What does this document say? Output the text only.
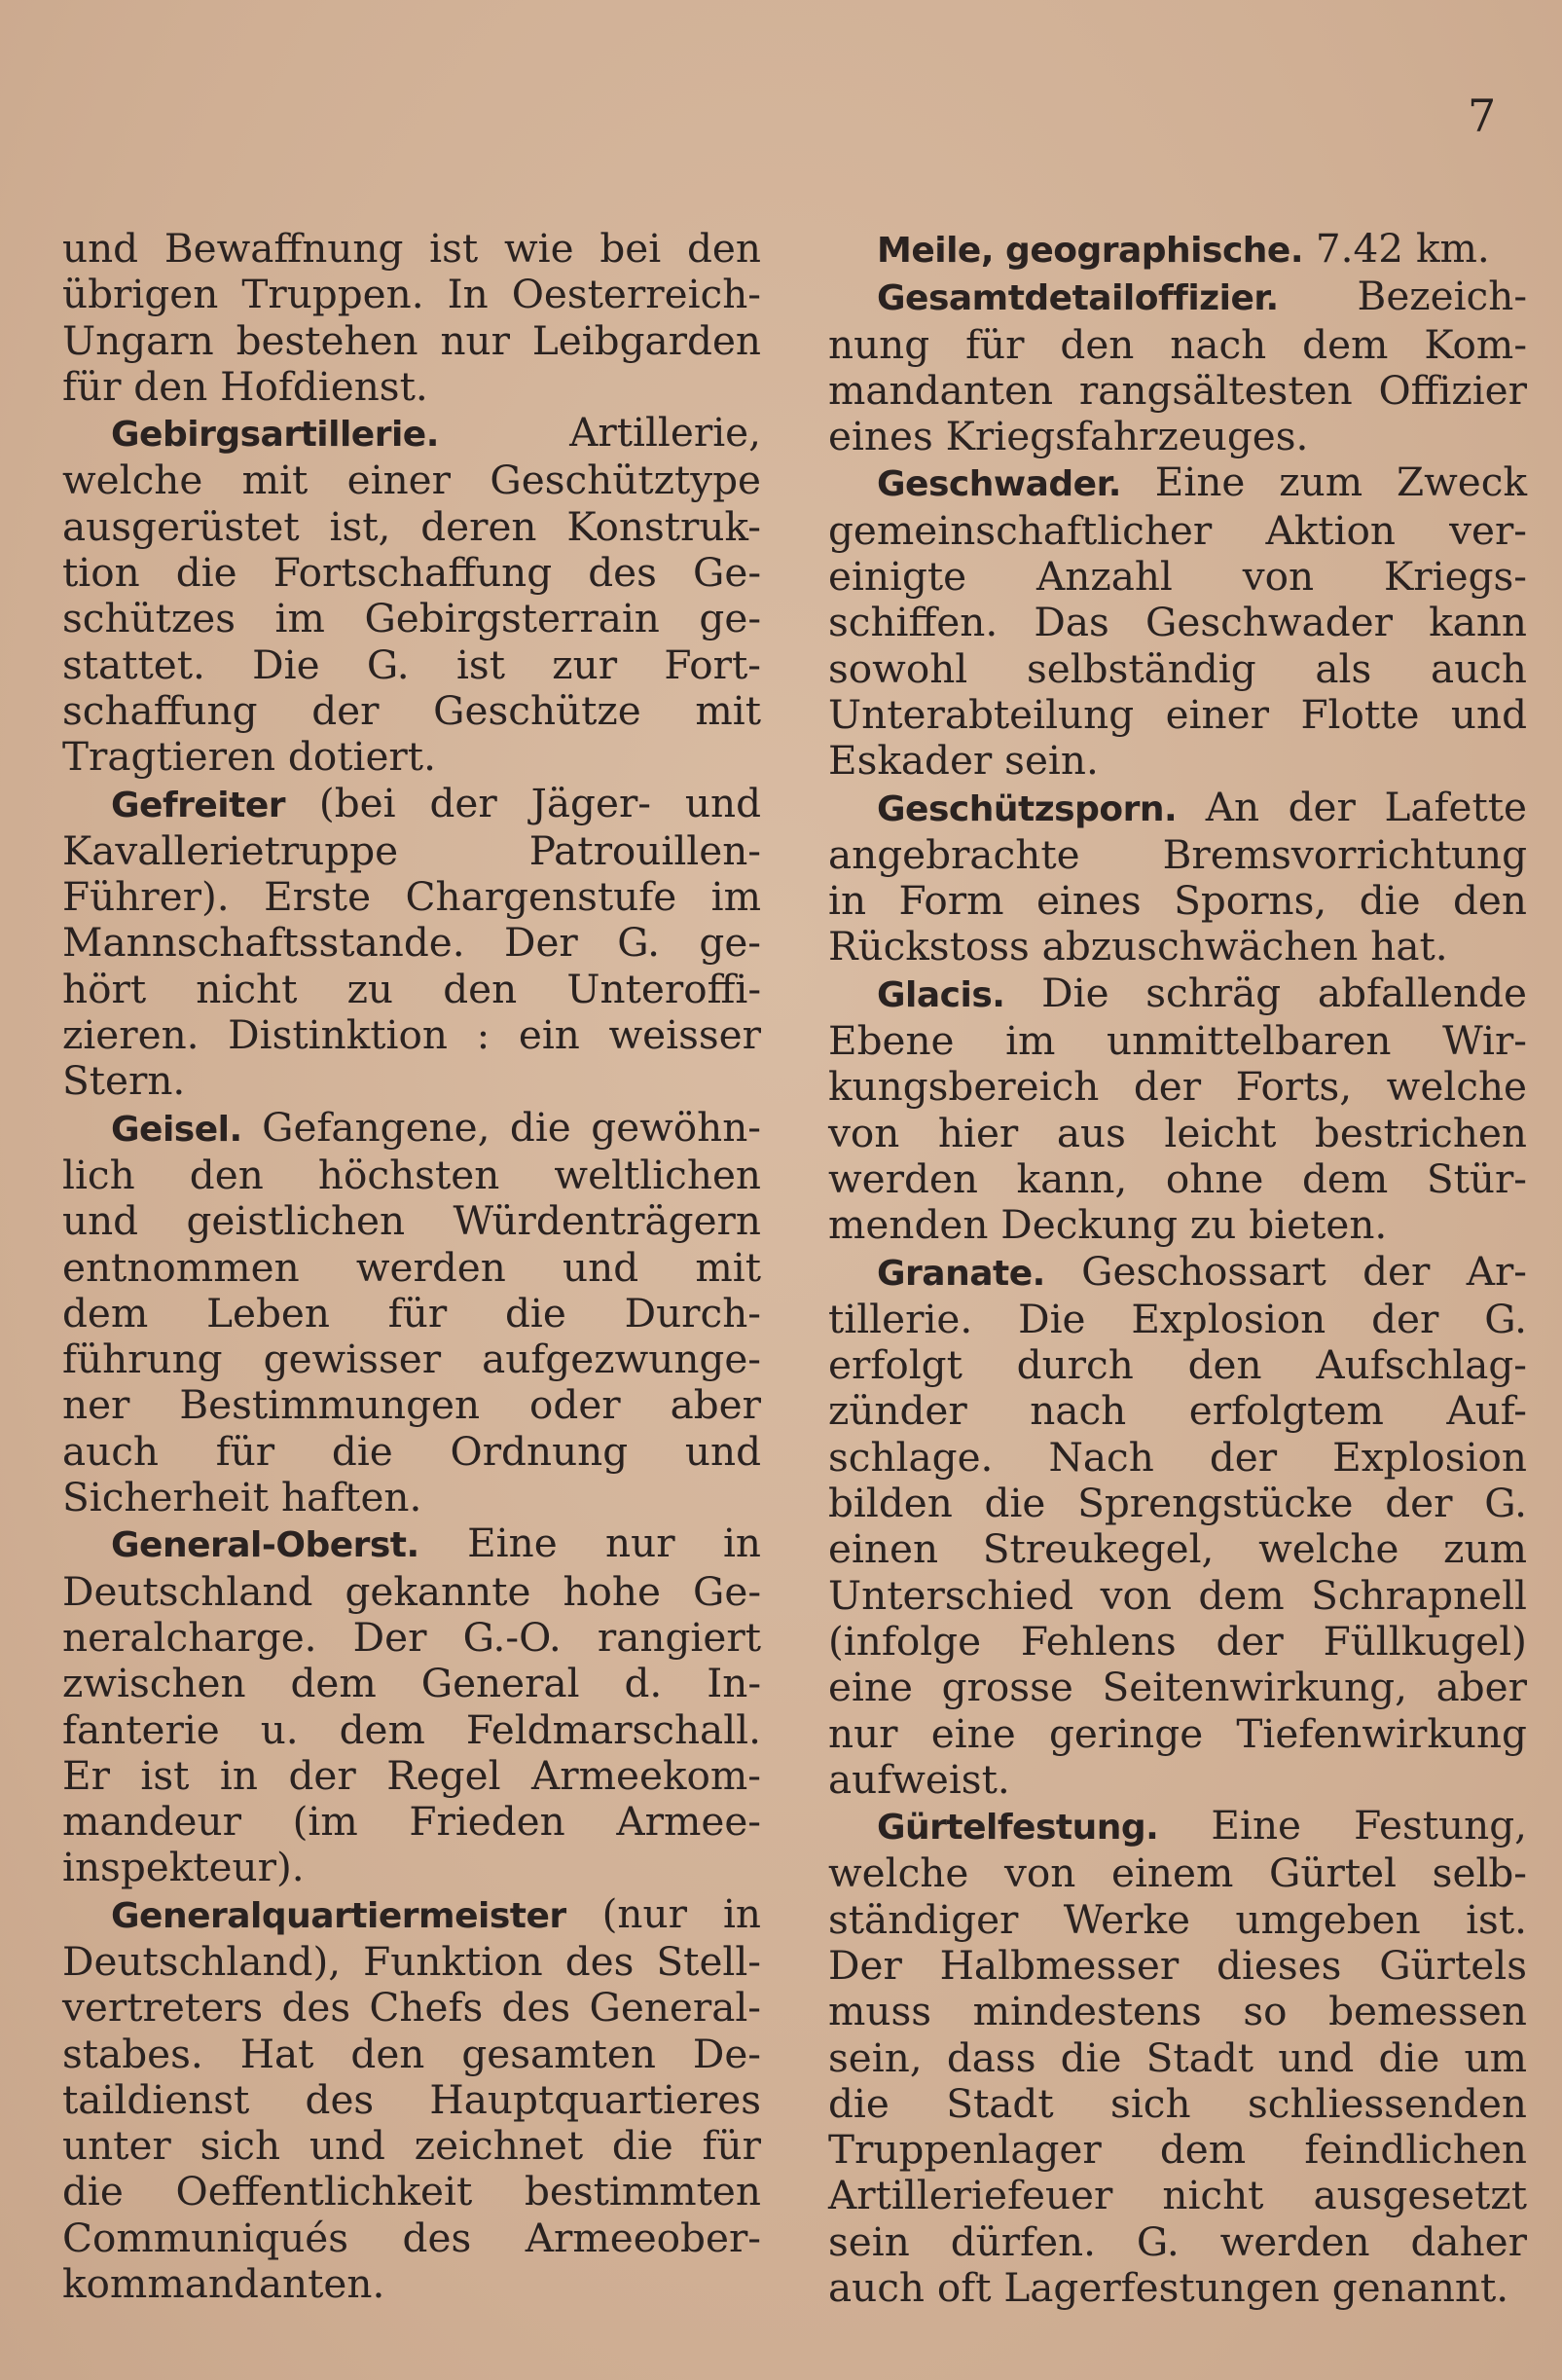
7
und Bewaffnung ist wie bei den
übrigen Truppen. In Oesterreich-
Ungarn bestehen nur Leibgarden
für den Hofdienst.
Gebirgsartillerie. Artillerie,
welche mit einer Geschütztype
ausgerüstet ist, deren Konstruk-
tion die Fortschaffung des Ge-
schützes im Gebirgsterrain ge-
stattet. Die G. ist zur Fort-
schaffung der Geschütze mit
Tragtieren dotiert.
Gefreiter (bei der Jäger- und
Kavallerietruppe Patrouillen-
Führer). Erste Chargenstufe im
Mannschaftsstande. Der G. ge-
hört nicht zu den Unteroffi-
zieren. Distinktion : ein weisser
Stern.
Geisel. Gefangene, die gewöhn-
lich den höchsten weltlichen
und geistlichen Würdenträgern
entnommen werden und mit
dem Leben für die Durch-
führung gewisser aufgezwunge-
ner Bestimmungen oder aber
auch für die Ordnung und
Sicherheit haften.
General-Oberst. Eine nur in
Deutschland gekannte hohe Ge-
neralcharge. Der G.-O. rangiert
zwischen dem General d. In-
fanterie u. dem Feldmarschall.
Er ist in der Regel Armeekom-
mandeur (im Frieden Armee-
inspekteur).
Generalquartiermeister (nur in
Deutschland), Funktion des Stell-
vertreters des Chefs des General-
stabes. Hat den gesamten De-
taildienst des Hauptquartieres
unter sich und zeichnet die für
die Oeffentlichkeit bestimmten
Communiqués des Armeeober-
kommandanten.
Meile, geographische. 7.42 km.
Gesamtdetailoffizier. Bezeich-
nung für den nach dem Kom-
mandanten rangsältesten Offizier
eines Kriegsfahrzeuges.
Geschwader. Eine zum Zweck
gemeinschaftlicher Aktion ver-
einigte Anzahl von Kriegs-
schiffen. Das Geschwader kann
sowohl selbständig als auch
Unterabteilung einer Flotte und
Eskader sein.
Geschützsporn. An der Lafette
angebrachte Bremsvorrichtung
in Form eines Sporns, die den
Rückstoss abzuschwächen hat.
Glacis. Die schräg abfallende
Ebene im unmittelbaren Wir-
kungsbereich der Forts, welche
von hier aus leicht bestrichen
werden kann, ohne dem Stür-
menden Deckung zu bieten.
Granate. Geschossart der Ar-
tillerie. Die Explosion der G.
erfolgt durch den Aufschlag-
zünder nach erfolgtem Auf-
schlage. Nach der Explosion
bilden die Sprengstücke der G.
einen Streukegel, welche zum
Unterschied von dem Schrapnell
(infolge Fehlens der Füllkugel)
eine grosse Seitenwirkung, aber
nur eine geringe Tiefenwirkung
aufweist.
Gürtelfestung. Eine Festung,
welche von einem Gürtel selb-
ständiger Werke umgeben ist.
Der Halbmesser dieses Gürtels
muss mindestens so bemessen
sein, dass die Stadt und die um
die Stadt sich schliessenden
Truppenlager dem feindlichen
Artilleriefeuer nicht ausgesetzt
sein dürfen. G. werden daher
auch oft Lagerfestungen genannt.
